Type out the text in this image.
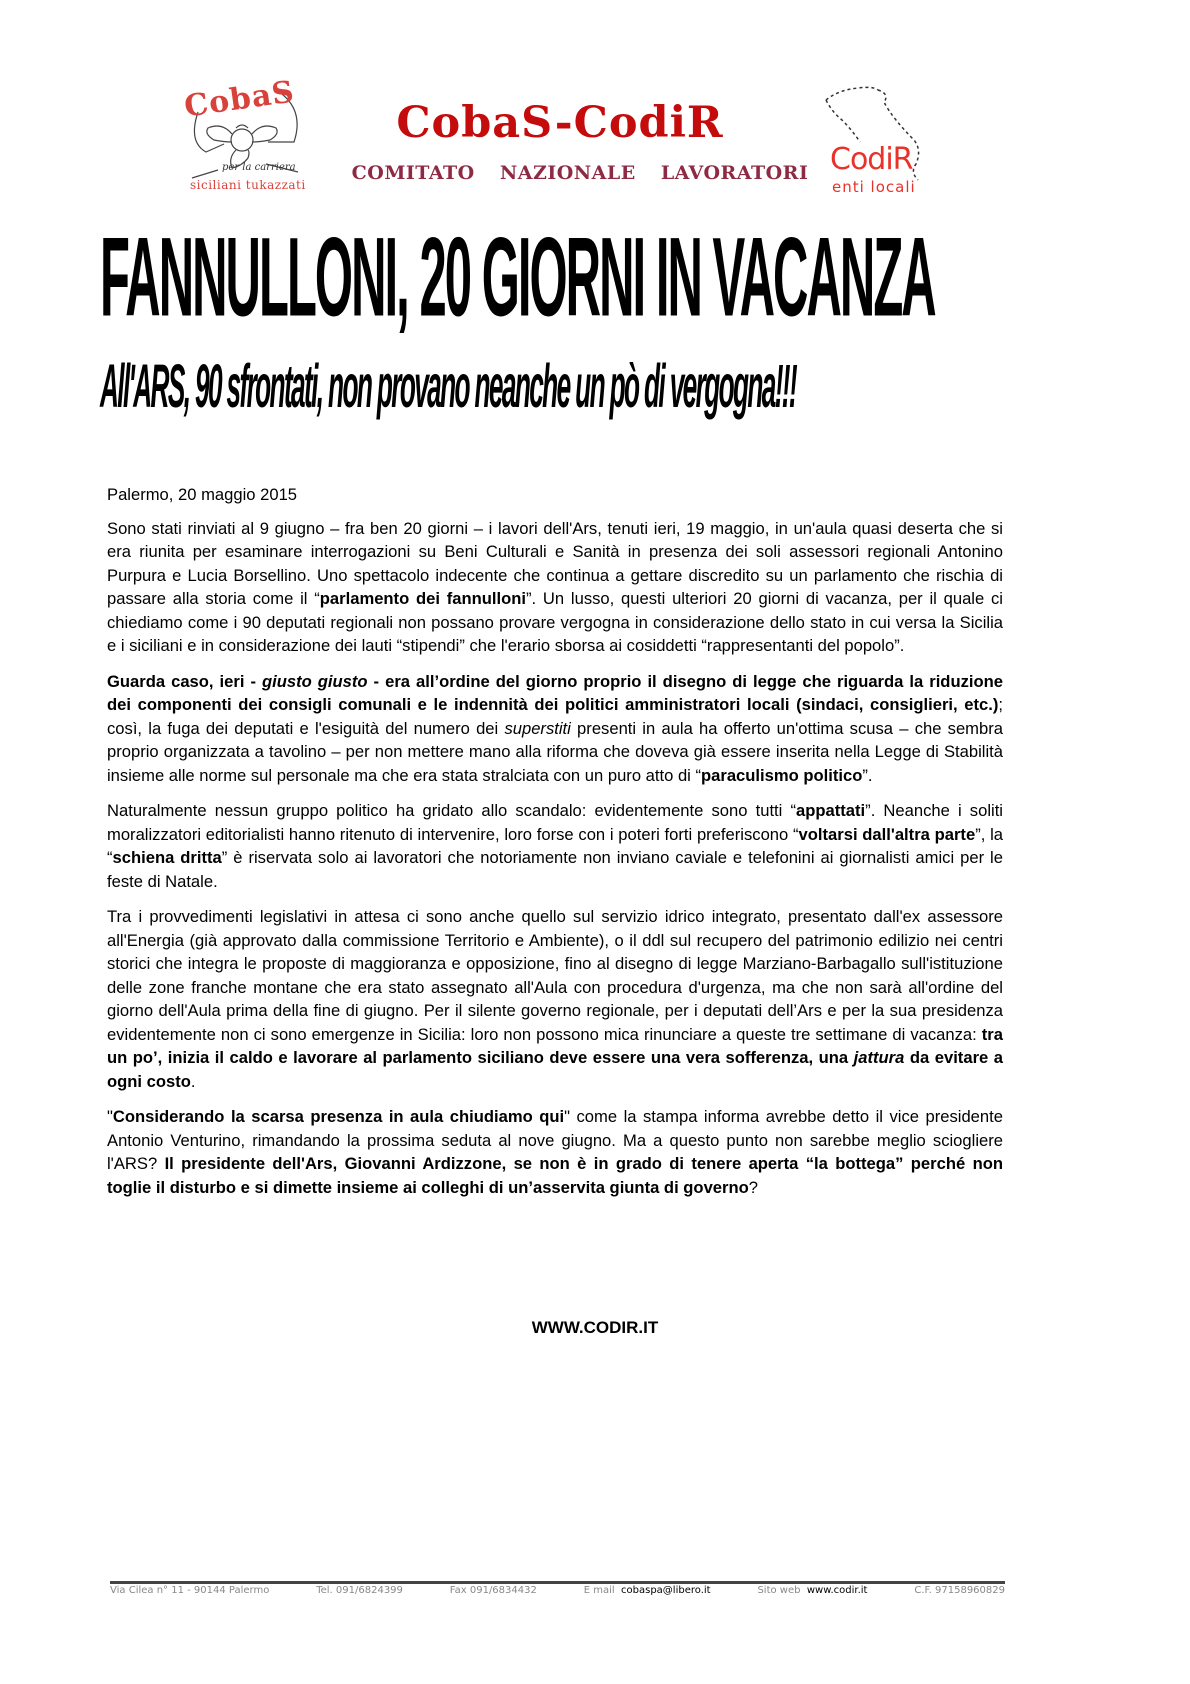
CobaS
per la carriera
siciliani tukazzati
CobaS-CodiR
COMITATO NAZIONALE LAVORATORI CodiR
enti locali
FANNULLONI, 20 GIORNI IN VACANZA
All'ARS, 90 sfrontati, non provano neanche un pò di vergogna!!!

Palermo, 20 maggio 2015

Sono stati rinviati al 9 giugno – fra ben 20 giorni – i lavori dell'Ars, tenuti ieri, 19 maggio, in un'aula quasi deserta che si era riunita per esaminare interrogazioni su Beni Culturali e Sanità in presenza dei soli assessori regionali Antonino Purpura e Lucia Borsellino. Uno spettacolo indecente che continua a gettare discredito su un parlamento che rischia di passare alla storia come il “parlamento dei fannulloni”. Un lusso, questi ulteriori 20 giorni di vacanza, per il quale ci chiediamo come i 90 deputati regionali non possano provare vergogna in considerazione dello stato in cui versa la Sicilia e i siciliani e in considerazione dei lauti “stipendi” che l'erario sborsa ai cosiddetti “rappresentanti del popolo”.

Guarda caso, ieri - giusto giusto - era all’ordine del giorno proprio il disegno di legge che riguarda la riduzione dei componenti dei consigli comunali e le indennità dei politici amministratori locali (sindaci, consiglieri, etc.); così, la fuga dei deputati e l'esiguità del numero dei superstiti presenti in aula ha offerto un'ottima scusa – che sembra proprio organizzata a tavolino – per non mettere mano alla riforma che doveva già essere inserita nella Legge di Stabilità insieme alle norme sul personale ma che era stata stralciata con un puro atto di “paraculismo politico”.

Naturalmente nessun gruppo politico ha gridato allo scandalo: evidentemente sono tutti “appattati”. Neanche i soliti moralizzatori editorialisti hanno ritenuto di intervenire, loro forse con i poteri forti preferiscono “voltarsi dall'altra parte”, la “schiena dritta” è riservata solo ai lavoratori che notoriamente non inviano caviale e telefonini ai giornalisti amici per le feste di Natale.

Tra i provvedimenti legislativi in attesa ci sono anche quello sul servizio idrico integrato, presentato dall'ex assessore all'Energia (già approvato dalla commissione Territorio e Ambiente), o il ddl sul recupero del patrimonio edilizio nei centri storici che integra le proposte di maggioranza e opposizione, fino al disegno di legge Marziano-Barbagallo sull'istituzione delle zone franche montane che era stato assegnato all'Aula con procedura d'urgenza, ma che non sarà all'ordine del giorno dell'Aula prima della fine di giugno. Per il silente governo regionale, per i deputati dell’Ars e per la sua presidenza evidentemente non ci sono emergenze in Sicilia: loro non possono mica rinunciare a queste tre settimane di vacanza: tra un po’, inizia il caldo e lavorare al parlamento siciliano deve essere una vera sofferenza, una jattura da evitare a ogni costo.

"Considerando la scarsa presenza in aula chiudiamo qui" come la stampa informa avrebbe detto il vice presidente Antonio Venturino, rimandando la prossima seduta al nove giugno. Ma a questo punto non sarebbe meglio sciogliere l'ARS? Il presidente dell'Ars, Giovanni Ardizzone, se non è in grado di tenere aperta “la bottega” perché non toglie il disturbo e si dimette insieme ai colleghi di un’asservita giunta di governo?

WWW.CODIR.IT
Via Cilea n° 11 - 90144 Palermo	Tel. 091/6824399	Fax 091/6834432	E mail cobaspa@libero.it	Sito web www.codir.it	C.F. 97158960829
